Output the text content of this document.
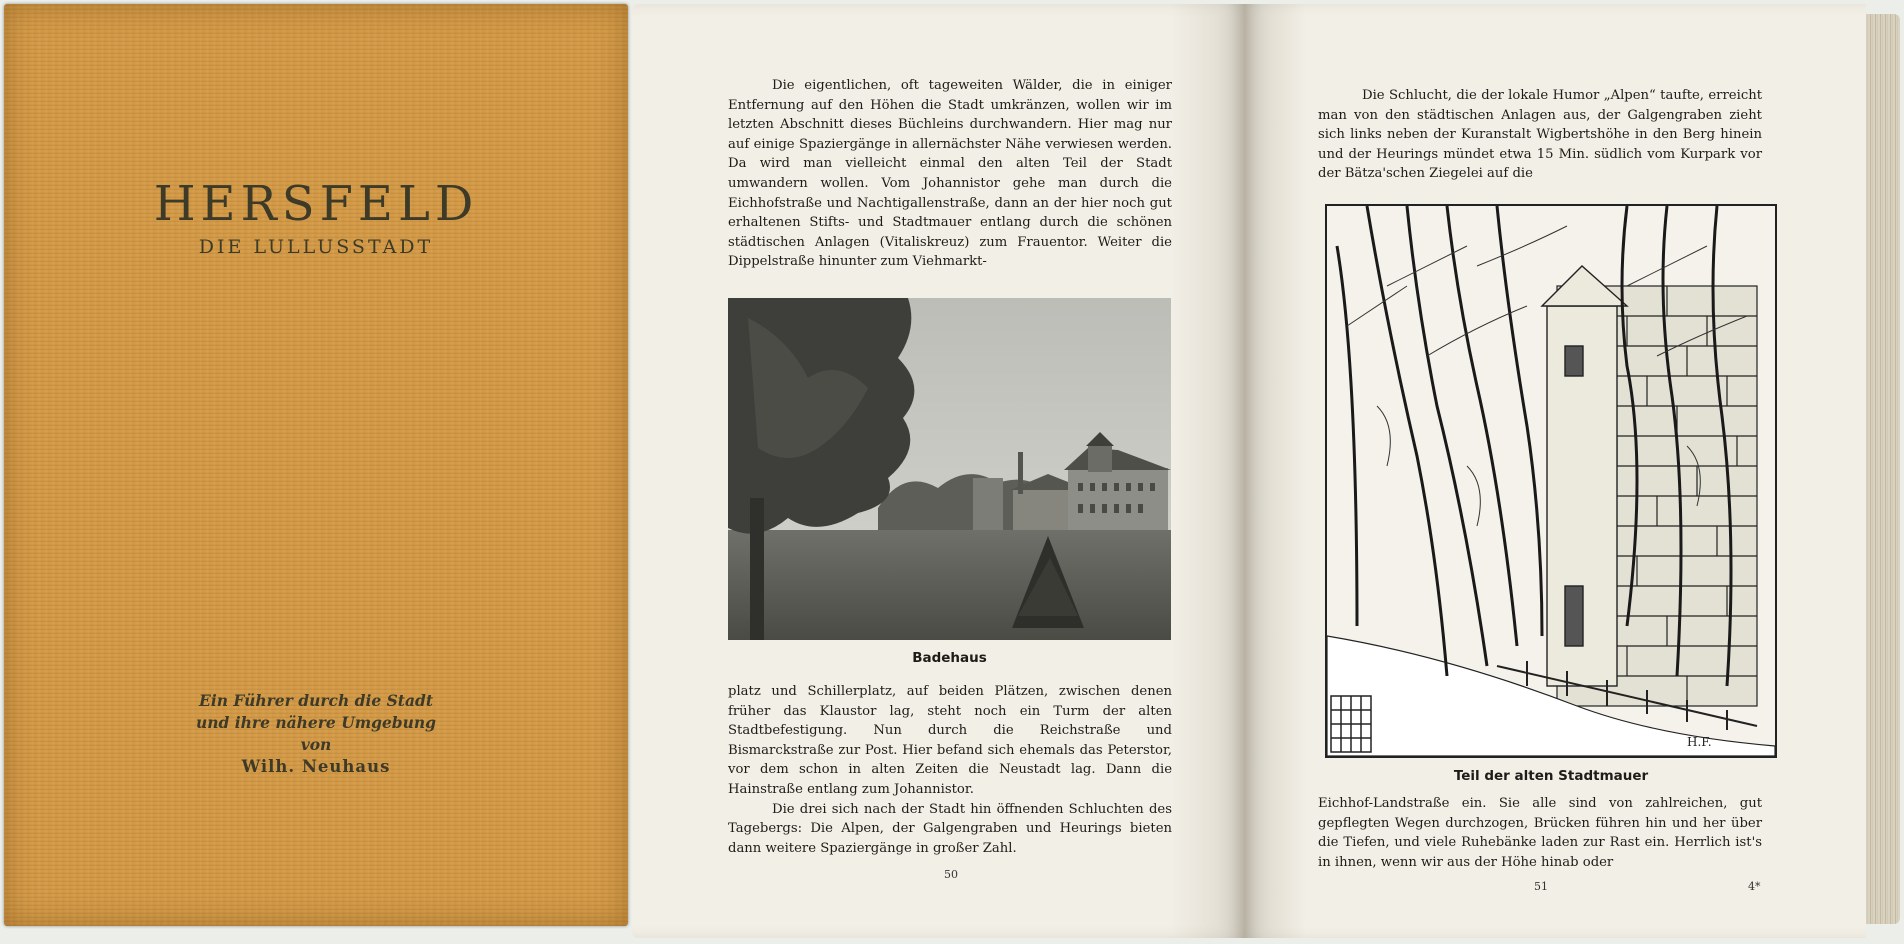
HERSFELD
DIE LULLUSSTADT
Ein Führer durch die Stadt
und ihre nähere Umgebung
von
Wilh. Neuhaus

Die eigentlichen, oft tageweiten Wälder, die in einiger Entfernung auf den Höhen die Stadt umkränzen, wollen wir im letzten Abschnitt dieses Büchleins durchwandern. Hier mag nur auf einige Spaziergänge in allernächster Nähe verwiesen werden. Da wird man vielleicht einmal den alten Teil der Stadt umwandern wollen. Vom Johannistor gehe man durch die Eichhofstraße und Nachtigallenstraße, dann an der hier noch gut erhaltenen Stifts- und Stadtmauer entlang durch die schönen städtischen Anlagen (Vitaliskreuz) zum Frauentor. Weiter die Dippelstraße hinunter zum Viehmarkt-

Badehaus

platz und Schillerplatz, auf beiden Plätzen, zwischen denen früher das Klaustor lag, steht noch ein Turm der alten Stadtbefestigung. Nun durch die Reichstraße und Bismarckstraße zur Post. Hier befand sich ehemals das Peterstor, vor dem schon in alten Zeiten die Neustadt lag. Dann die Hainstraße entlang zum Johannistor.

Die drei sich nach der Stadt hin öffnenden Schluchten des Tagebergs: Die Alpen, der Galgengraben und Heurings bieten dann weitere Spaziergänge in großer Zahl.

50

Die Schlucht, die der lokale Humor „Alpen“ taufte, erreicht man von den städtischen Anlagen aus, der Galgengraben zieht sich links neben der Kuranstalt Wigbertshöhe in den Berg hinein und der Heurings mündet etwa 15 Min. südlich vom Kurpark vor der Bätza'schen Ziegelei auf die

H.F.
Teil der alten Stadtmauer

Eichhof-Landstraße ein. Sie alle sind von zahlreichen, gut gepflegten Wegen durchzogen, Brücken führen hin und her über die Tiefen, und viele Ruhebänke laden zur Rast ein. Herrlich ist's in ihnen, wenn wir aus der Höhe hinab oder

51	4*
